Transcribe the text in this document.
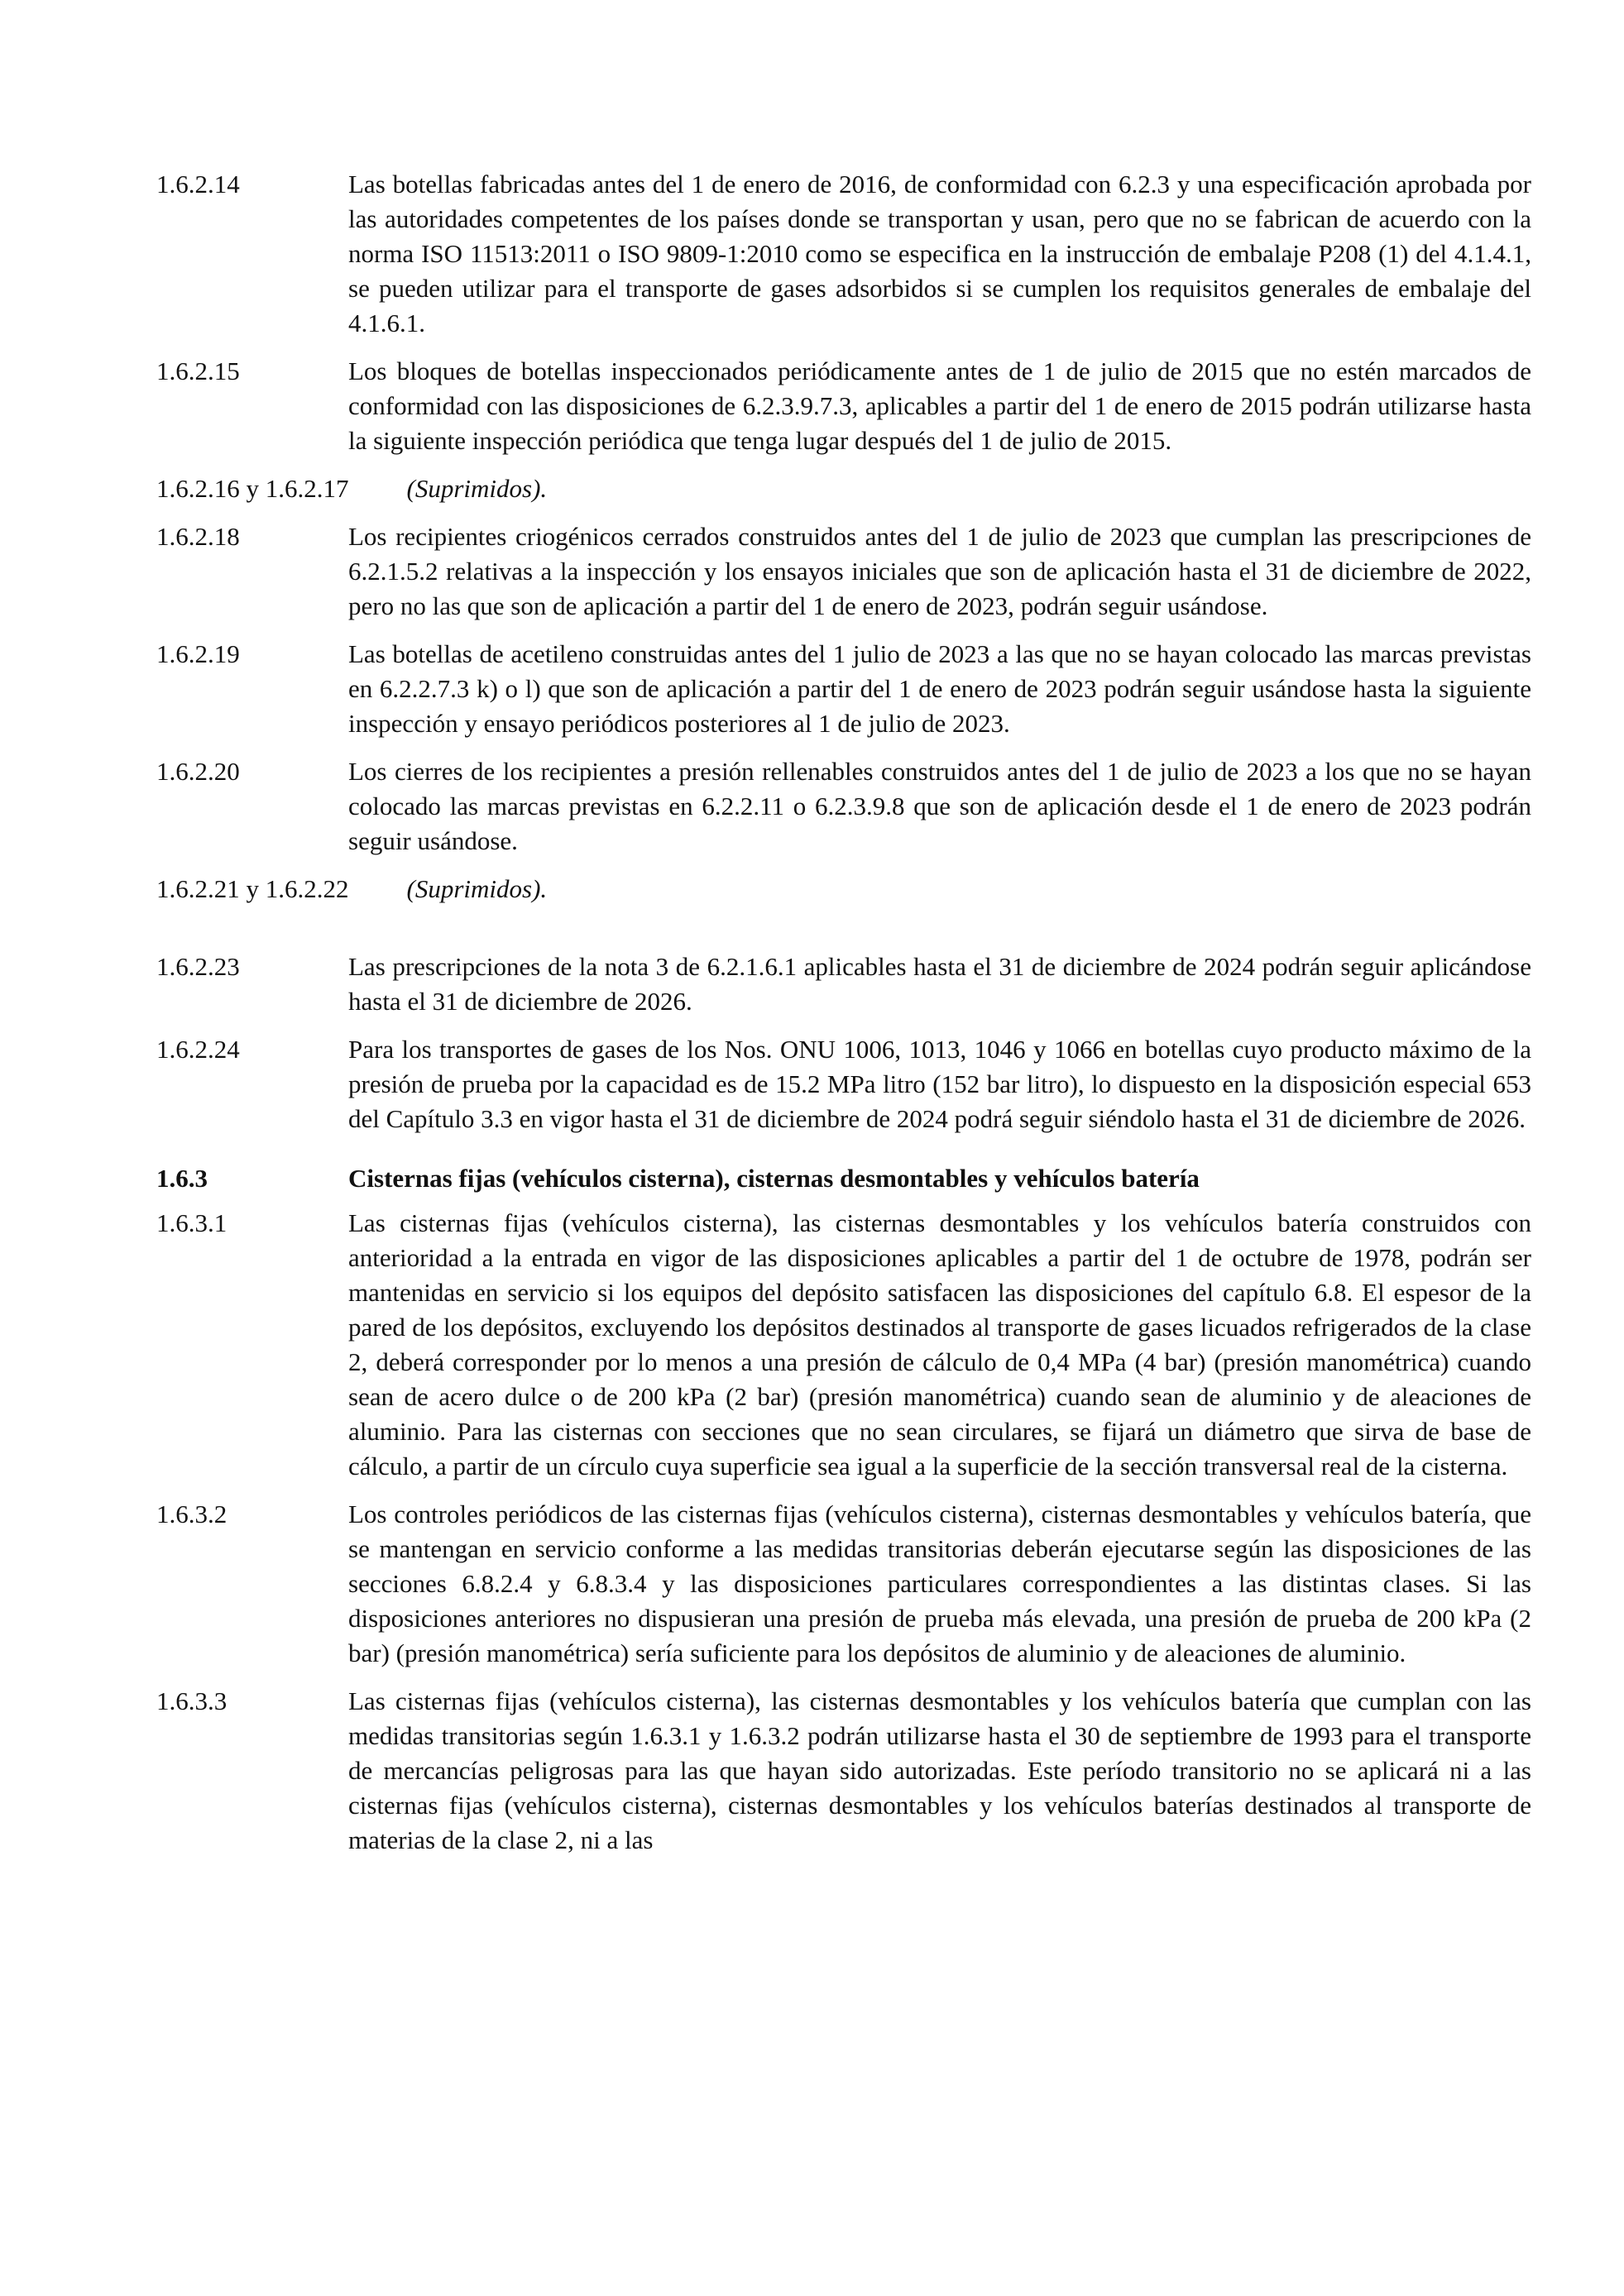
1.6.2.14	Las botellas fabricadas antes del 1 de enero de 2016, de conformidad con 6.2.3 y una especificación aprobada por las autoridades competentes de los países donde se transportan y usan, pero que no se fabrican de acuerdo con la norma ISO 11513:2011 o ISO 9809-1:2010 como se especifica en la instrucción de embalaje P208 (1) del 4.1.4.1, se pueden utilizar para el transporte de gases adsorbidos si se cumplen los requisitos generales de embalaje del 4.1.6.1.
1.6.2.15	Los bloques de botellas inspeccionados periódicamente antes de 1 de julio de 2015 que no estén marcados de conformidad con las disposiciones de 6.2.3.9.7.3, aplicables a partir del 1 de enero de 2015 podrán utilizarse hasta la siguiente inspección periódica que tenga lugar después del 1 de julio de 2015.
1.6.2.16 y 1.6.2.17 (Suprimidos).
1.6.2.18	Los recipientes criogénicos cerrados construidos antes del 1 de julio de 2023 que cumplan las prescripciones de 6.2.1.5.2 relativas a la inspección y los ensayos iniciales que son de aplicación hasta el 31 de diciembre de 2022, pero no las que son de aplicación a partir del 1 de enero de 2023, podrán seguir usándose.
1.6.2.19	Las botellas de acetileno construidas antes del 1 julio de 2023 a las que no se hayan colocado las marcas previstas en 6.2.2.7.3 k) o l) que son de aplicación a partir del 1 de enero de 2023 podrán seguir usándose hasta la siguiente inspección y ensayo periódicos posteriores al 1 de julio de 2023.
1.6.2.20	Los cierres de los recipientes a presión rellenables construidos antes del 1 de julio de 2023 a los que no se hayan colocado las marcas previstas en 6.2.2.11 o 6.2.3.9.8 que son de aplicación desde el 1 de enero de 2023 podrán seguir usándose.
1.6.2.21 y 1.6.2.22 (Suprimidos).
1.6.2.23	Las prescripciones de la nota 3 de 6.2.1.6.1 aplicables hasta el 31 de diciembre de 2024 podrán seguir aplicándose hasta el 31 de diciembre de 2026.
1.6.2.24	Para los transportes de gases de los Nos. ONU 1006, 1013, 1046 y 1066 en botellas cuyo producto máximo de la presión de prueba por la capacidad es de 15.2 MPa litro (152 bar litro), lo dispuesto en la disposición especial 653 del Capítulo 3.3 en vigor hasta el 31 de diciembre de 2024 podrá seguir siéndolo hasta el 31 de diciembre de 2026.
1.6.3	Cisternas fijas (vehículos cisterna), cisternas desmontables y vehículos batería
1.6.3.1	Las cisternas fijas (vehículos cisterna), las cisternas desmontables y los vehículos batería construidos con anterioridad a la entrada en vigor de las disposiciones aplicables a partir del 1 de octubre de 1978, podrán ser mantenidas en servicio si los equipos del depósito satisfacen las disposiciones del capítulo 6.8. El espesor de la pared de los depósitos, excluyendo los depósitos destinados al transporte de gases licuados refrigerados de la clase 2, deberá corresponder por lo menos a una presión de cálculo de 0,4 MPa (4 bar) (presión manométrica) cuando sean de acero dulce o de 200 kPa (2 bar) (presión manométrica) cuando sean de aluminio y de aleaciones de aluminio. Para las cisternas con secciones que no sean circulares, se fijará un diámetro que sirva de base de cálculo, a partir de un círculo cuya superficie sea igual a la superficie de la sección transversal real de la cisterna.
1.6.3.2	Los controles periódicos de las cisternas fijas (vehículos cisterna), cisternas desmontables y vehículos batería, que se mantengan en servicio conforme a las medidas transitorias deberán ejecutarse según las disposiciones de las secciones 6.8.2.4 y 6.8.3.4 y las disposiciones particulares correspondientes a las distintas clases. Si las disposiciones anteriores no dispusieran una presión de prueba más elevada, una presión de prueba de 200 kPa (2 bar) (presión manométrica) sería suficiente para los depósitos de aluminio y de aleaciones de aluminio.
1.6.3.3	Las cisternas fijas (vehículos cisterna), las cisternas desmontables y los vehículos batería que cumplan con las medidas transitorias según 1.6.3.1 y 1.6.3.2 podrán utilizarse hasta el 30 de septiembre de 1993 para el transporte de mercancías peligrosas para las que hayan sido autorizadas. Este período transitorio no se aplicará ni a las cisternas fijas (vehículos cisterna), cisternas desmontables y los vehículos baterías destinados al transporte de materias de la clase 2, ni a las
